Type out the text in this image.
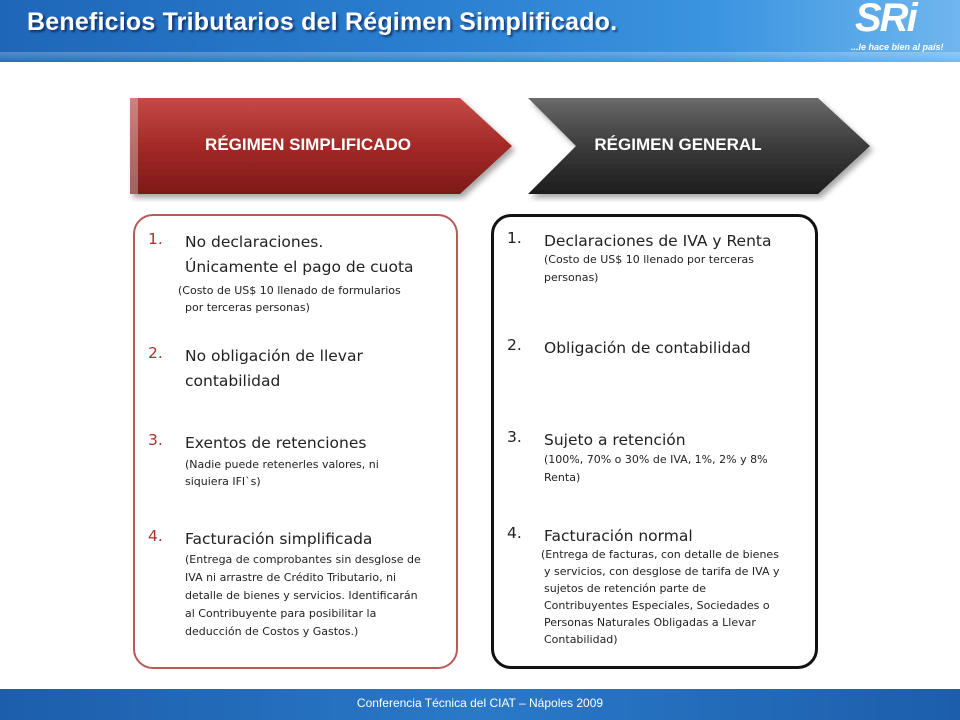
Beneficios Tributarios del Régimen Simplificado.	SRi
...le hace bien al país!
RÉGIMEN SIMPLIFICADO	RÉGIMEN GENERAL
1. No declaraciones.
Únicamente el pago de cuota
(Costo de US$ 10 llenado de formularios
por terceras personas)
2. No obligación de llevar
contabilidad
3. Exentos de retenciones
(Nadie puede retenerles valores, ni
siquiera IFI`s)
4. Facturación simplificada
(Entrega de comprobantes sin desglose de
IVA ni arrastre de Crédito Tributario, ni
detalle de bienes y servicios. Identificarán
al Contribuyente para posibilitar la
deducción de Costos y Gastos.)
1. Declaraciones de IVA y Renta
(Costo de US$ 10 llenado por terceras
personas)
2. Obligación de contabilidad
3. Sujeto a retención
(100%, 70% o 30% de IVA, 1%, 2% y 8%
Renta)
4. Facturación normal
(Entrega de facturas, con detalle de bienes
y servicios, con desglose de tarifa de IVA y
sujetos de retención parte de
Contribuyentes Especiales, Sociedades o
Personas Naturales Obligadas a Llevar
Contabilidad)
Conferencia Técnica del CIAT – Nápoles 2009
